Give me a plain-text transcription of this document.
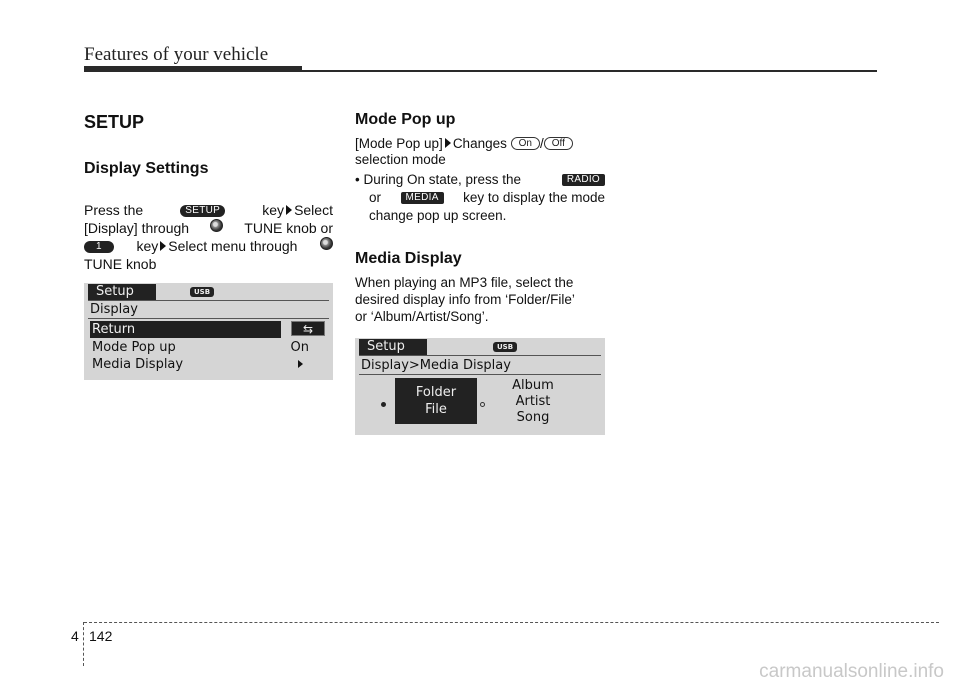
Features of your vehicle
SETUP
Display Settings
Press the	SETUP	key Select
[Display] through	TUNE knob or
1	key Select menu through
TUNE knob
Setup	USB
Display
Return	⇆
Mode Pop up	On
Media Display
Mode Pop up
[Mode Pop up] Changes On / Off
selection mode
• During On state, press the	RADIO
or	MEDIA	key to display the mode
change pop up screen.
Media Display
When playing an MP3 file, select the
desired display info from ‘Folder/File’
or ‘Album/Artist/Song’.
Setup	USB
Display>Media Display
Folder
File
Album
Artist
Song
4 142
carmanualsonline.info
